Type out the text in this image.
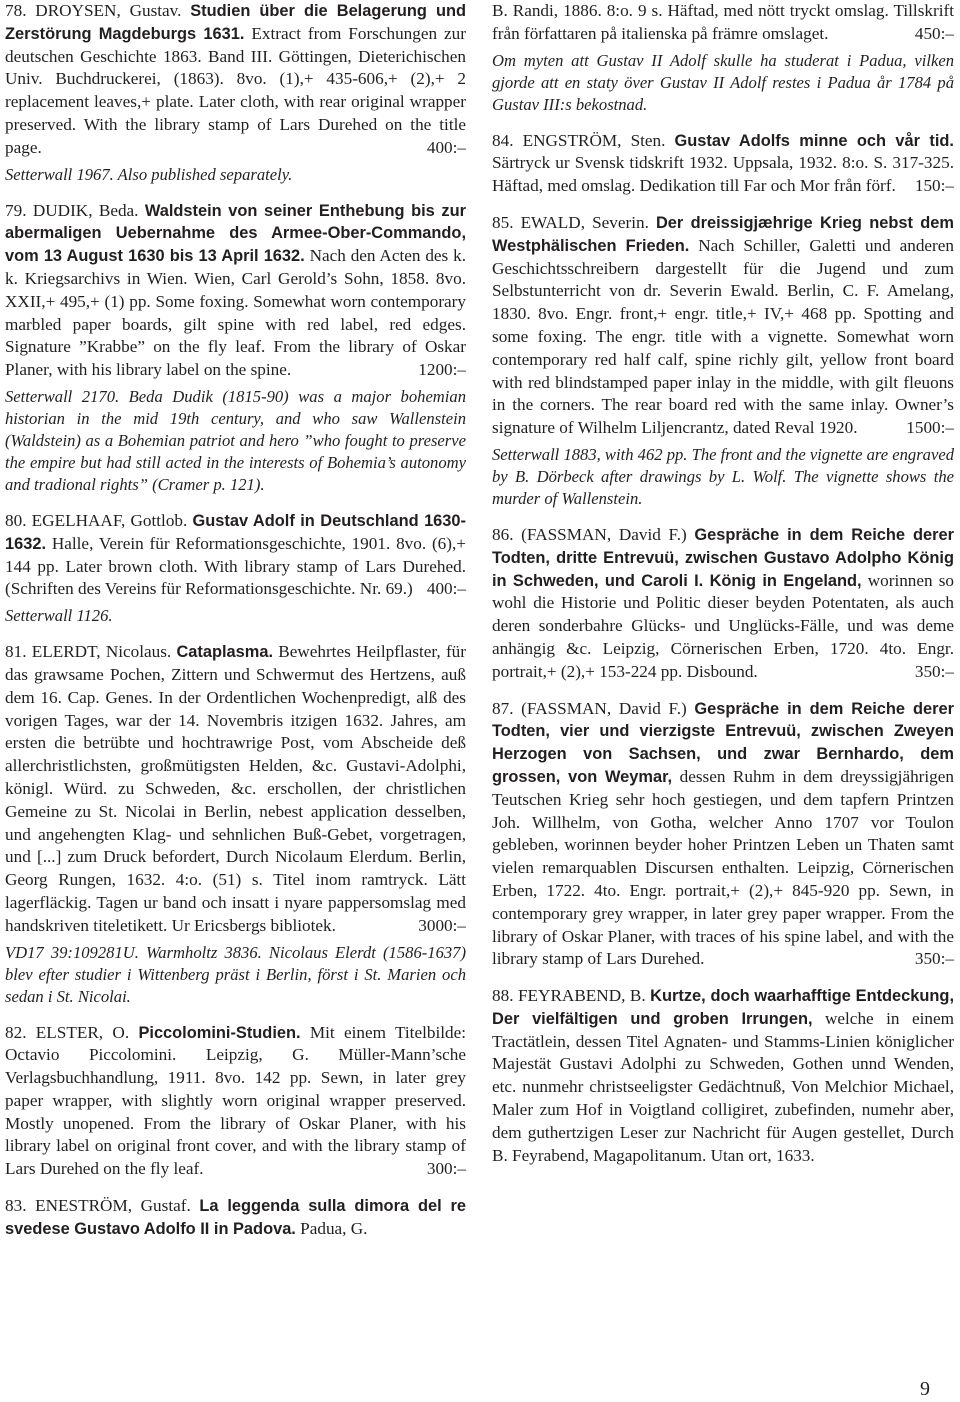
78. DROYSEN, Gustav. Studien über die Belagerung und Zerstörung Magdeburgs 1631. Extract from Forschungen zur deutschen Geschichte 1863. Band III. Göttingen, Dieterichischen Univ. Buchdruckerei, (1863). 8vo. (1),+ 435-606,+ (2),+ 2 replacement leaves,+ plate. Later cloth, with rear original wrapper preserved. With the library stamp of Lars Durehed on the title page.	400:–

Setterwall 1967. Also published separately.

79. DUDIK, Beda. Waldstein von seiner Enthebung bis zur abermaligen Uebernahme des Armee-Ober-Commando, vom 13 August 1630 bis 13 April 1632. Nach den Acten des k. k. Kriegsarchivs in Wien. Wien, Carl Gerold’s Sohn, 1858. 8vo. XXII,+ 495,+ (1) pp. Some foxing. Somewhat worn contemporary marbled paper boards, gilt spine with red label, red edges. Signature ”Krabbe” on the fly leaf. From the library of Oskar Planer, with his library label on the spine.	1200:–

Setterwall 2170. Beda Dudik (1815-90) was a major bohemian historian in the mid 19th century, and who saw Wallenstein (Waldstein) as a Bohemian patriot and hero ”who fought to preserve the empire but had still acted in the interests of Bohemia’s autonomy and tradional rights” (Cramer p. 121).

80. EGELHAAF, Gottlob. Gustav Adolf in Deutschland 1630-1632. Halle, Verein für Reformationsgeschichte, 1901. 8vo. (6),+ 144 pp. Later brown cloth. With library stamp of Lars Durehed. (Schriften des Vereins für Reformationsgeschichte. Nr. 69.) 400:–

Setterwall 1126.

81. ELERDT, Nicolaus. Cataplasma. Bewehrtes Heilpflaster, für das grawsame Pochen, Zittern und Schwermut des Hertzens, auß dem 16. Cap. Genes. In der Ordentlichen Wochenpredigt, alß des vorigen Tages, war der 14. Novembris itzigen 1632. Jahres, am ersten die betrübte und hochtrawrige Post, vom Abscheide deß allerchristlichsten, großmütigsten Helden, &c. Gustavi-Adolphi, königl. Würd. zu Schweden, &c. erschollen, der christlichen Gemeine zu St. Nicolai in Berlin, nebest application desselben, und angehengten Klag- und sehnlichen Buß-Gebet, vorgetragen, und [...] zum Druck befordert, Durch Nicolaum Elerdum. Berlin, Georg Rungen, 1632. 4:o. (51) s. Titel inom ramtryck. Lätt lagerfläckig. Tagen ur band och insatt i nyare pappersomslag med handskriven titeletikett. Ur Ericsbergs bibliotek.	3000:–

VD17 39:109281U. Warmholtz 3836. Nicolaus Elerdt (1586-1637) blev efter studier i Wittenberg präst i Berlin, först i St. Marien och sedan i St. Nicolai.

82. ELSTER, O. Piccolomini-Studien. Mit einem Titelbilde: Octavio Piccolomini. Leipzig, G. Müller-Mann’sche Verlagsbuchhandlung, 1911. 8vo. 142 pp. Sewn, in later grey paper wrapper, with slightly worn original wrapper preserved. Mostly unopened. From the library of Oskar Planer, with his library label on original front cover, and with the library stamp of Lars Durehed on the fly leaf.	300:–

83. ENESTRÖM, Gustaf. La leggenda sulla dimora del re svedese Gustavo Adolfo II in Padova. Padua, G.

B. Randi, 1886. 8:o. 9 s. Häftad, med nött tryckt omslag. Tillskrift från författaren på italienska på främre omslaget.	450:–

Om myten att Gustav II Adolf skulle ha studerat i Padua, vilken gjorde att en staty över Gustav II Adolf restes i Padua år 1784 på Gustav III:s bekostnad.

84. ENGSTRÖM, Sten. Gustav Adolfs minne och vår tid. Särtryck ur Svensk tidskrift 1932. Uppsala, 1932. 8:o. S. 317-325. Häftad, med omslag. Dedikation till Far och Mor från förf. 150:–

85. EWALD, Severin. Der dreissigjæhrige Krieg nebst dem Westphälischen Frieden. Nach Schiller, Galetti und anderen Geschichtsschreibern dargestellt für die Jugend und zum Selbstunterricht von dr. Severin Ewald. Berlin, C. F. Amelang, 1830. 8vo. Engr. front,+ engr. title,+ IV,+ 468 pp. Spotting and some foxing. The engr. title with a vignette. Somewhat worn contemporary red half calf, spine richly gilt, yellow front board with red blindstamped paper inlay in the middle, with gilt fleuons in the corners. The rear board red with the same inlay. Owner’s signature of Wilhelm Liljencrantz, dated Reval 1920.	1500:–

Setterwall 1883, with 462 pp. The front and the vignette are engraved by B. Dörbeck after drawings by L. Wolf. The vignette shows the murder of Wallenstein.

86. (FASSMAN, David F.) Gespräche in dem Reiche derer Todten, dritte Entrevuü, zwischen Gustavo Adolpho König in Schweden, und Caroli I. König in Engeland, worinnen so wohl die Historie und Politic dieser beyden Potentaten, als auch deren sonderbahre Glücks- und Unglücks-Fälle, und was deme anhängig &c. Leipzig, Cörnerischen Erben, 1720. 4to. Engr. portrait,+ (2),+ 153-224 pp. Disbound.	350:–

87. (FASSMAN, David F.) Gespräche in dem Reiche derer Todten, vier und vierzigste Entrevuü, zwischen Zweyen Herzogen von Sachsen, und zwar Bernhardo, dem grossen, von Weymar, dessen Ruhm in dem dreyssigjährigen Teutschen Krieg sehr hoch gestiegen, und dem tapfern Printzen Joh. Willhelm, von Gotha, welcher Anno 1707 vor Toulon gebleben, worinnen beyder hoher Printzen Leben un Thaten samt vielen remarquablen Discursen enthalten. Leipzig, Cörnerischen Erben, 1722. 4to. Engr. portrait,+ (2),+ 845-920 pp. Sewn, in contemporary grey wrapper, in later grey paper wrapper. From the library of Oskar Planer, with traces of his spine label, and with the library stamp of Lars Durehed.	350:–

88. FEYRABEND, B. Kurtze, doch waarhafftige Entdeckung, Der vielfältigen und groben Irrungen, welche in einem Tractätlein, dessen Titel Agnaten- und Stamms-Linien königlicher Majestät Gustavi Adolphi zu Schweden, Gothen unnd Wenden, etc. nunmehr christseeligster Gedächtnuß, Von Melchior Michael, Maler zum Hof in Voigtland colligiret, zubefinden, numehr aber, dem guthertzigen Leser zur Nachricht für Augen gestellet, Durch B. Feyrabend, Magapolitanum. Utan ort, 1633.

9
